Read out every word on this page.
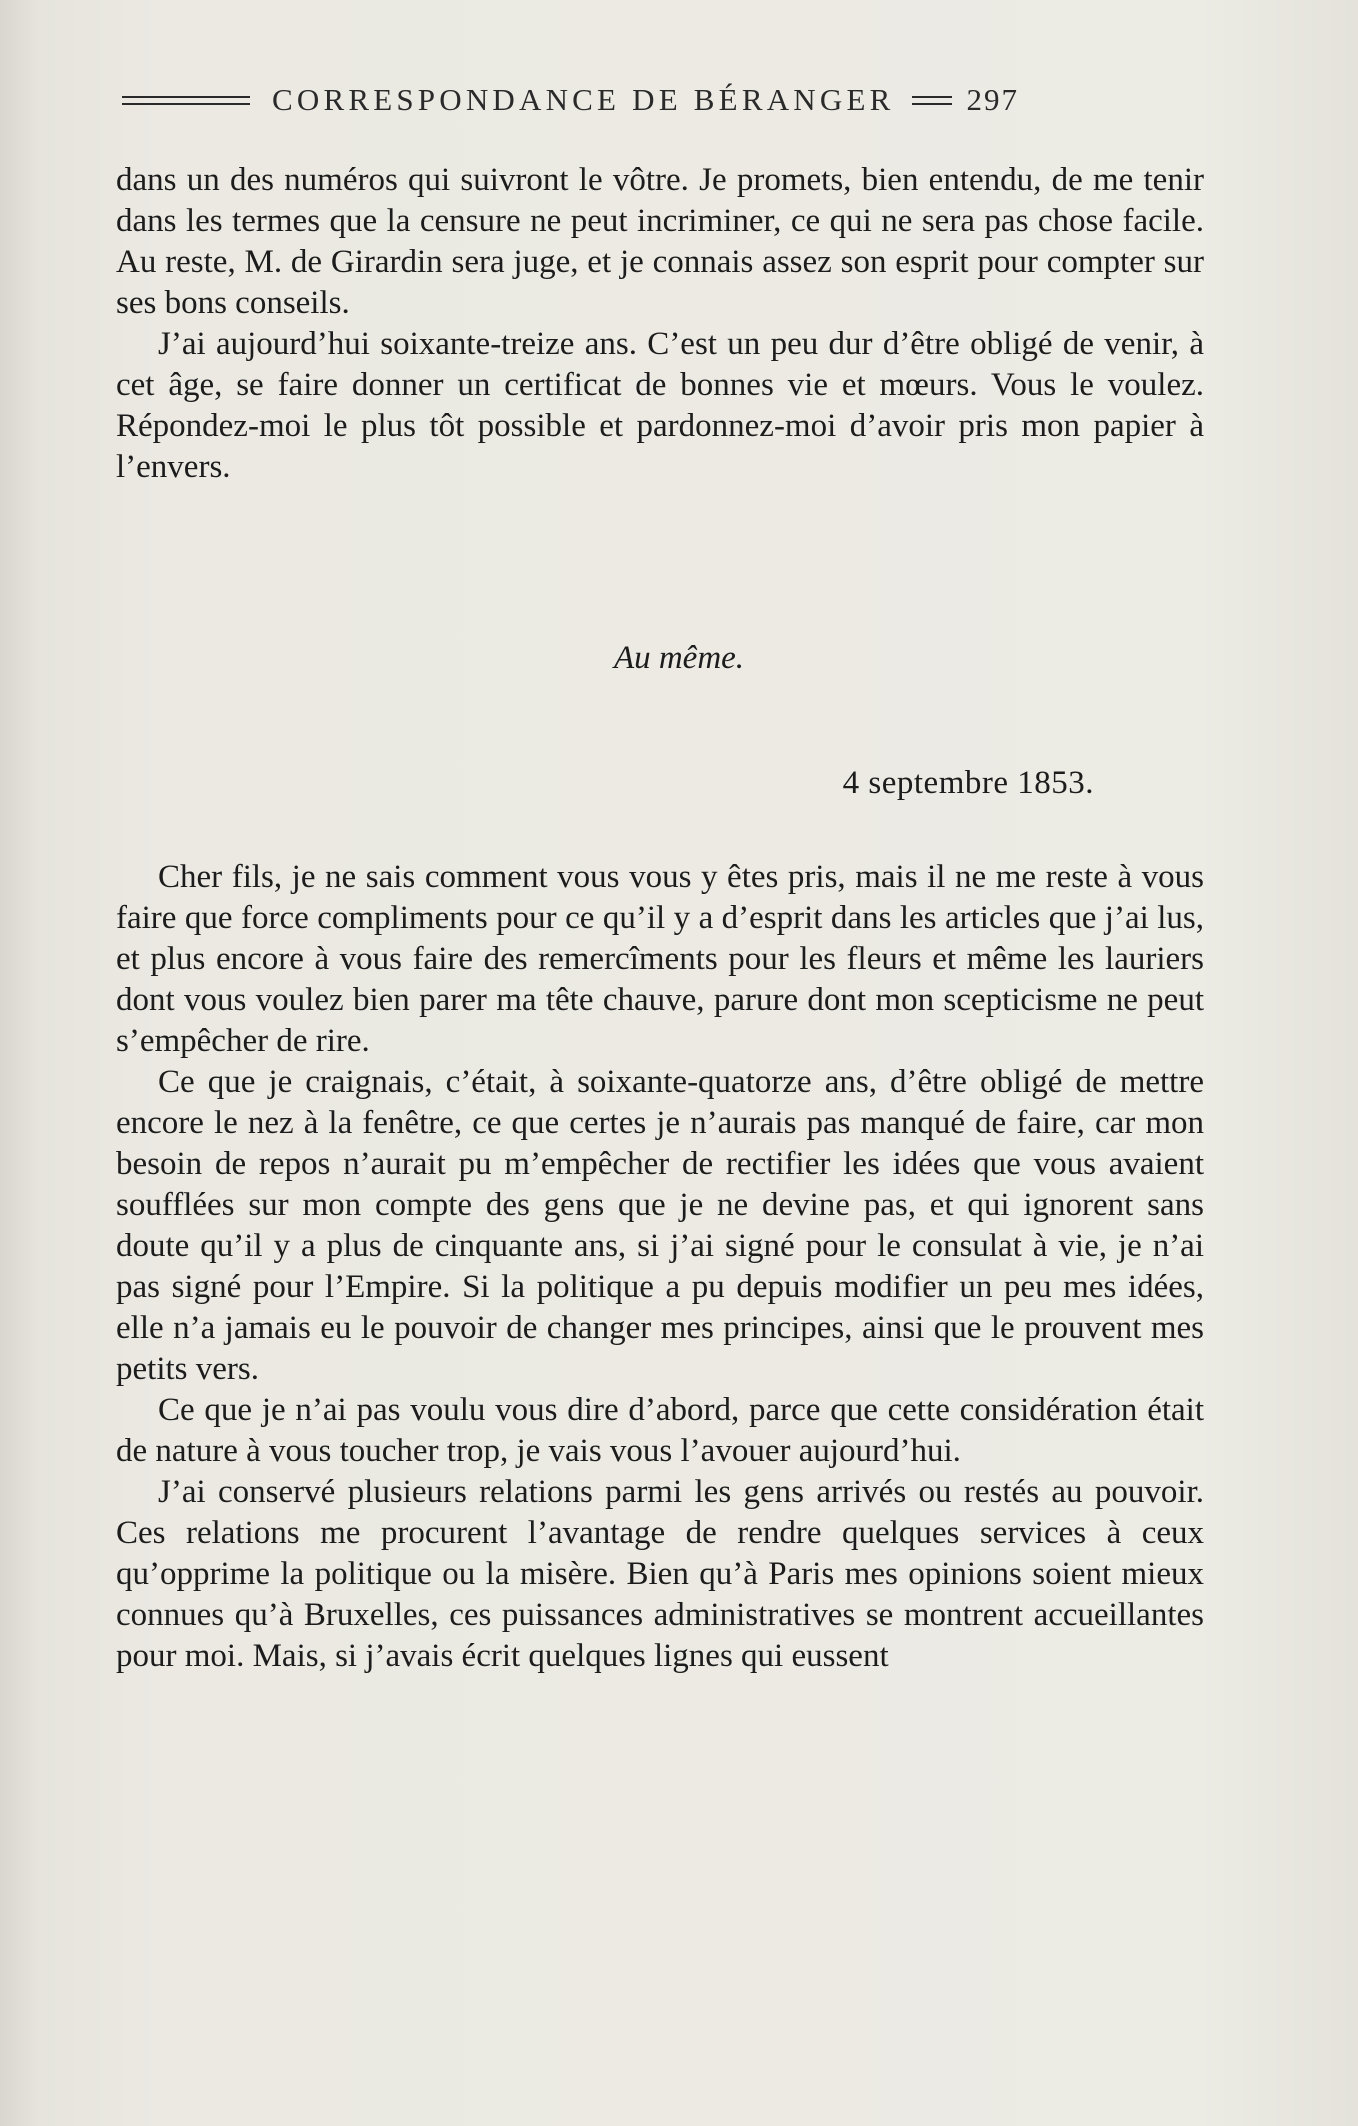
CORRESPONDANCE DE BÉRANGER 297

dans un des numéros qui suivront le vôtre. Je promets, bien entendu, de me tenir dans les termes que la censure ne peut incriminer, ce qui ne sera pas chose facile. Au reste, M. de Girardin sera juge, et je connais assez son esprit pour compter sur ses bons conseils.

J’ai aujourd’hui soixante-treize ans. C’est un peu dur d’être obligé de venir, à cet âge, se faire donner un certificat de bonnes vie et mœurs. Vous le voulez. Répondez-moi le plus tôt possible et pardonnez-moi d’avoir pris mon papier à l’envers.

Au même.
4 septembre 1853.

Cher fils, je ne sais comment vous vous y êtes pris, mais il ne me reste à vous faire que force compliments pour ce qu’il y a d’esprit dans les articles que j’ai lus, et plus encore à vous faire des remercîments pour les fleurs et même les lauriers dont vous voulez bien parer ma tête chauve, parure dont mon scepticisme ne peut s’empêcher de rire.

Ce que je craignais, c’était, à soixante-quatorze ans, d’être obligé de mettre encore le nez à la fenêtre, ce que certes je n’aurais pas manqué de faire, car mon besoin de repos n’aurait pu m’empêcher de rectifier les idées que vous avaient soufflées sur mon compte des gens que je ne devine pas, et qui ignorent sans doute qu’il y a plus de cinquante ans, si j’ai signé pour le consulat à vie, je n’ai pas signé pour l’Empire. Si la politique a pu depuis modifier un peu mes idées, elle n’a jamais eu le pouvoir de changer mes principes, ainsi que le prouvent mes petits vers.

Ce que je n’ai pas voulu vous dire d’abord, parce que cette considération était de nature à vous toucher trop, je vais vous l’avouer aujourd’hui.

J’ai conservé plusieurs relations parmi les gens arrivés ou restés au pouvoir. Ces relations me procurent l’avantage de rendre quelques services à ceux qu’opprime la politique ou la misère. Bien qu’à Paris mes opinions soient mieux connues qu’à Bruxelles, ces puissances administratives se montrent accueillantes pour moi. Mais, si j’avais écrit quelques lignes qui eussent
